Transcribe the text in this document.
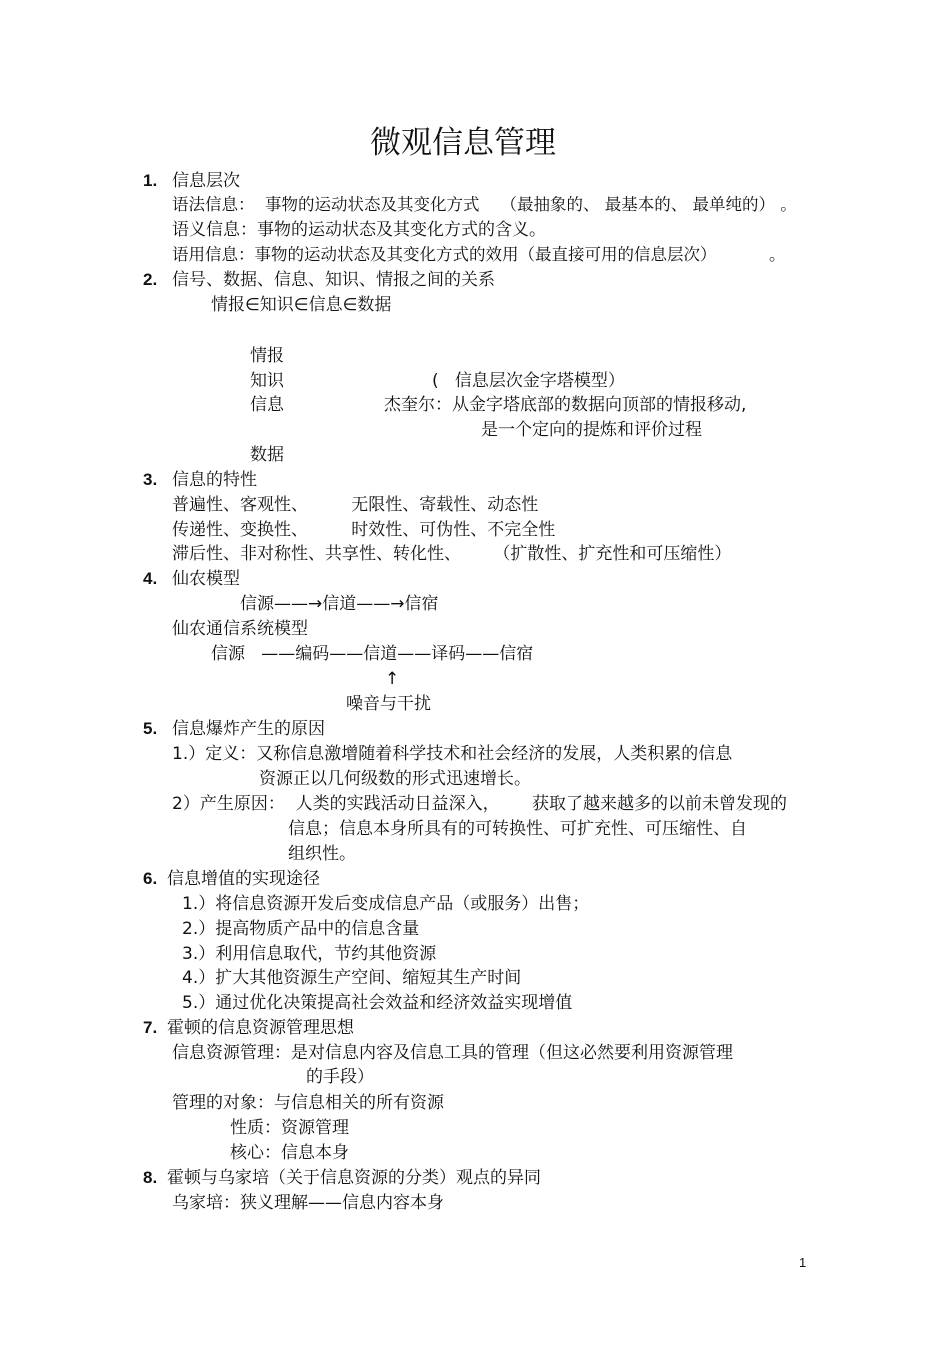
微观信息管理
1. 信息层次
语法信息：  事物的运动状态及其变化方式    （最抽象的、 最基本的、 最单纯的） 。
语义信息：事物的运动状态及其变化方式的含义。
语用信息：事物的运动状态及其变化方式的效用（最直接可用的信息层次）          。
2. 信号、数据、信息、知识、情报之间的关系
情报∈知识∈信息∈数据
情报
知识
信息
数据
(   信息层次金字塔模型）
杰奎尔：从金字塔底部的数据向顶部的情报移动,
是一个定向的提炼和评价过程
3. 信息的特性
普遍性、客观性、        无限性、寄载性、动态性
传递性、变换性、        时效性、可伪性、不完全性
滞后性、非对称性、共享性、转化性、      （扩散性、扩充性和可压缩性）
4. 仙农模型
信源——→信道——→信宿
仙农通信系统模型
信源   ——编码——信道——译码——信宿
↑
噪音与干扰
5. 信息爆炸产生的原因
1.）定义：又称信息激增随着科学技术和社会经济的发展，人类积累的信息
资源正以几何级数的形式迅速增长。
2）产生原因：  人类的实践活动日益深入，      获取了越来越多的以前未曾发现的
信息；信息本身所具有的可转换性、可扩充性、可压缩性、自
组织性。
6. 信息增值的实现途径
1.）将信息资源开发后变成信息产品（或服务）出售；
2.）提高物质产品中的信息含量
3.）利用信息取代，节约其他资源
4.）扩大其他资源生产空间、缩短其生产时间
5.）通过优化决策提高社会效益和经济效益实现增值
7. 霍顿的信息资源管理思想
信息资源管理：是对信息内容及信息工具的管理（但这必然要利用资源管理
的手段）
管理的对象：与信息相关的所有资源
性质：资源管理
核心：信息本身
8. 霍顿与乌家培（关于信息资源的分类）观点的异同
乌家培：狭义理解——信息内容本身
1
